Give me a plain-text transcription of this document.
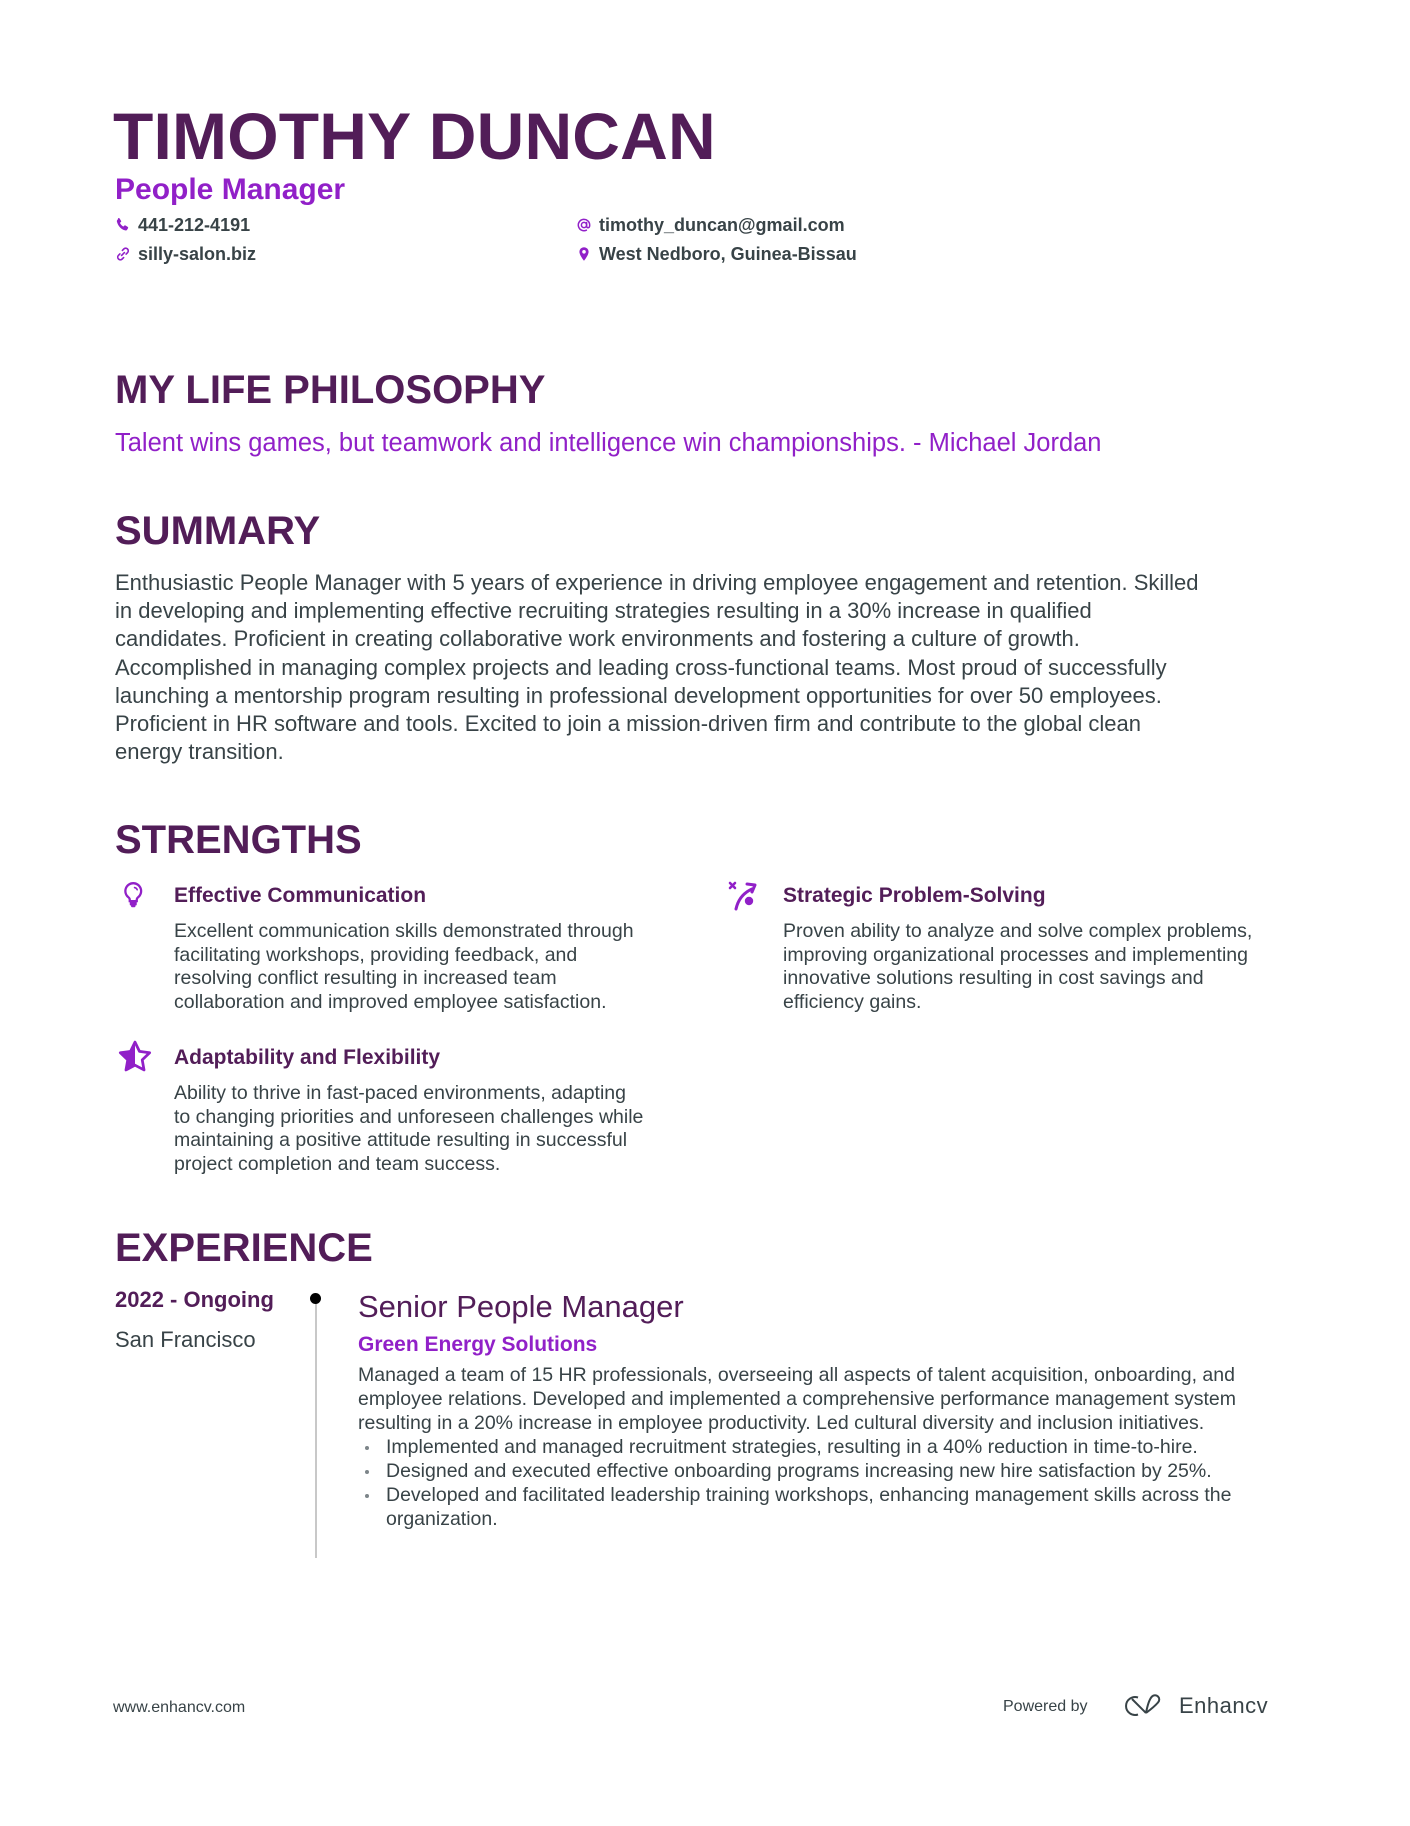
TIMOTHY DUNCAN
People Manager
441-212-4191	timothy_duncan@gmail.com
silly-salon.biz	West Nedboro, Guinea-Bissau
MY LIFE PHILOSOPHY
Talent wins games, but teamwork and intelligence win championships. - Michael Jordan
SUMMARY
Enthusiastic People Manager with 5 years of experience in driving employee engagement and retention. Skilled
in developing and implementing effective recruiting strategies resulting in a 30% increase in qualified
candidates. Proficient in creating collaborative work environments and fostering a culture of growth.
Accomplished in managing complex projects and leading cross-functional teams. Most proud of successfully
launching a mentorship program resulting in professional development opportunities for over 50 employees.
Proficient in HR software and tools. Excited to join a mission-driven firm and contribute to the global clean
energy transition.
STRENGTHS
Effective Communication
Excellent communication skills demonstrated through
facilitating workshops, providing feedback, and
resolving conflict resulting in increased team
collaboration and improved employee satisfaction.
Strategic Problem-Solving
Proven ability to analyze and solve complex problems,
improving organizational processes and implementing
innovative solutions resulting in cost savings and
efficiency gains.
Adaptability and Flexibility
Ability to thrive in fast-paced environments, adapting
to changing priorities and unforeseen challenges while
maintaining a positive attitude resulting in successful
project completion and team success.
EXPERIENCE
2022 - Ongoing
San Francisco
Senior People Manager
Green Energy Solutions
Managed a team of 15 HR professionals, overseeing all aspects of talent acquisition, onboarding, and
employee relations. Developed and implemented a comprehensive performance management system
resulting in a 20% increase in employee productivity. Led cultural diversity and inclusion initiatives.
Implemented and managed recruitment strategies, resulting in a 40% reduction in time-to-hire.
Designed and executed effective onboarding programs increasing new hire satisfaction by 25%.
Developed and facilitated leadership training workshops, enhancing management skills across the
organization.
www.enhancv.com	Powered by	Enhancv
